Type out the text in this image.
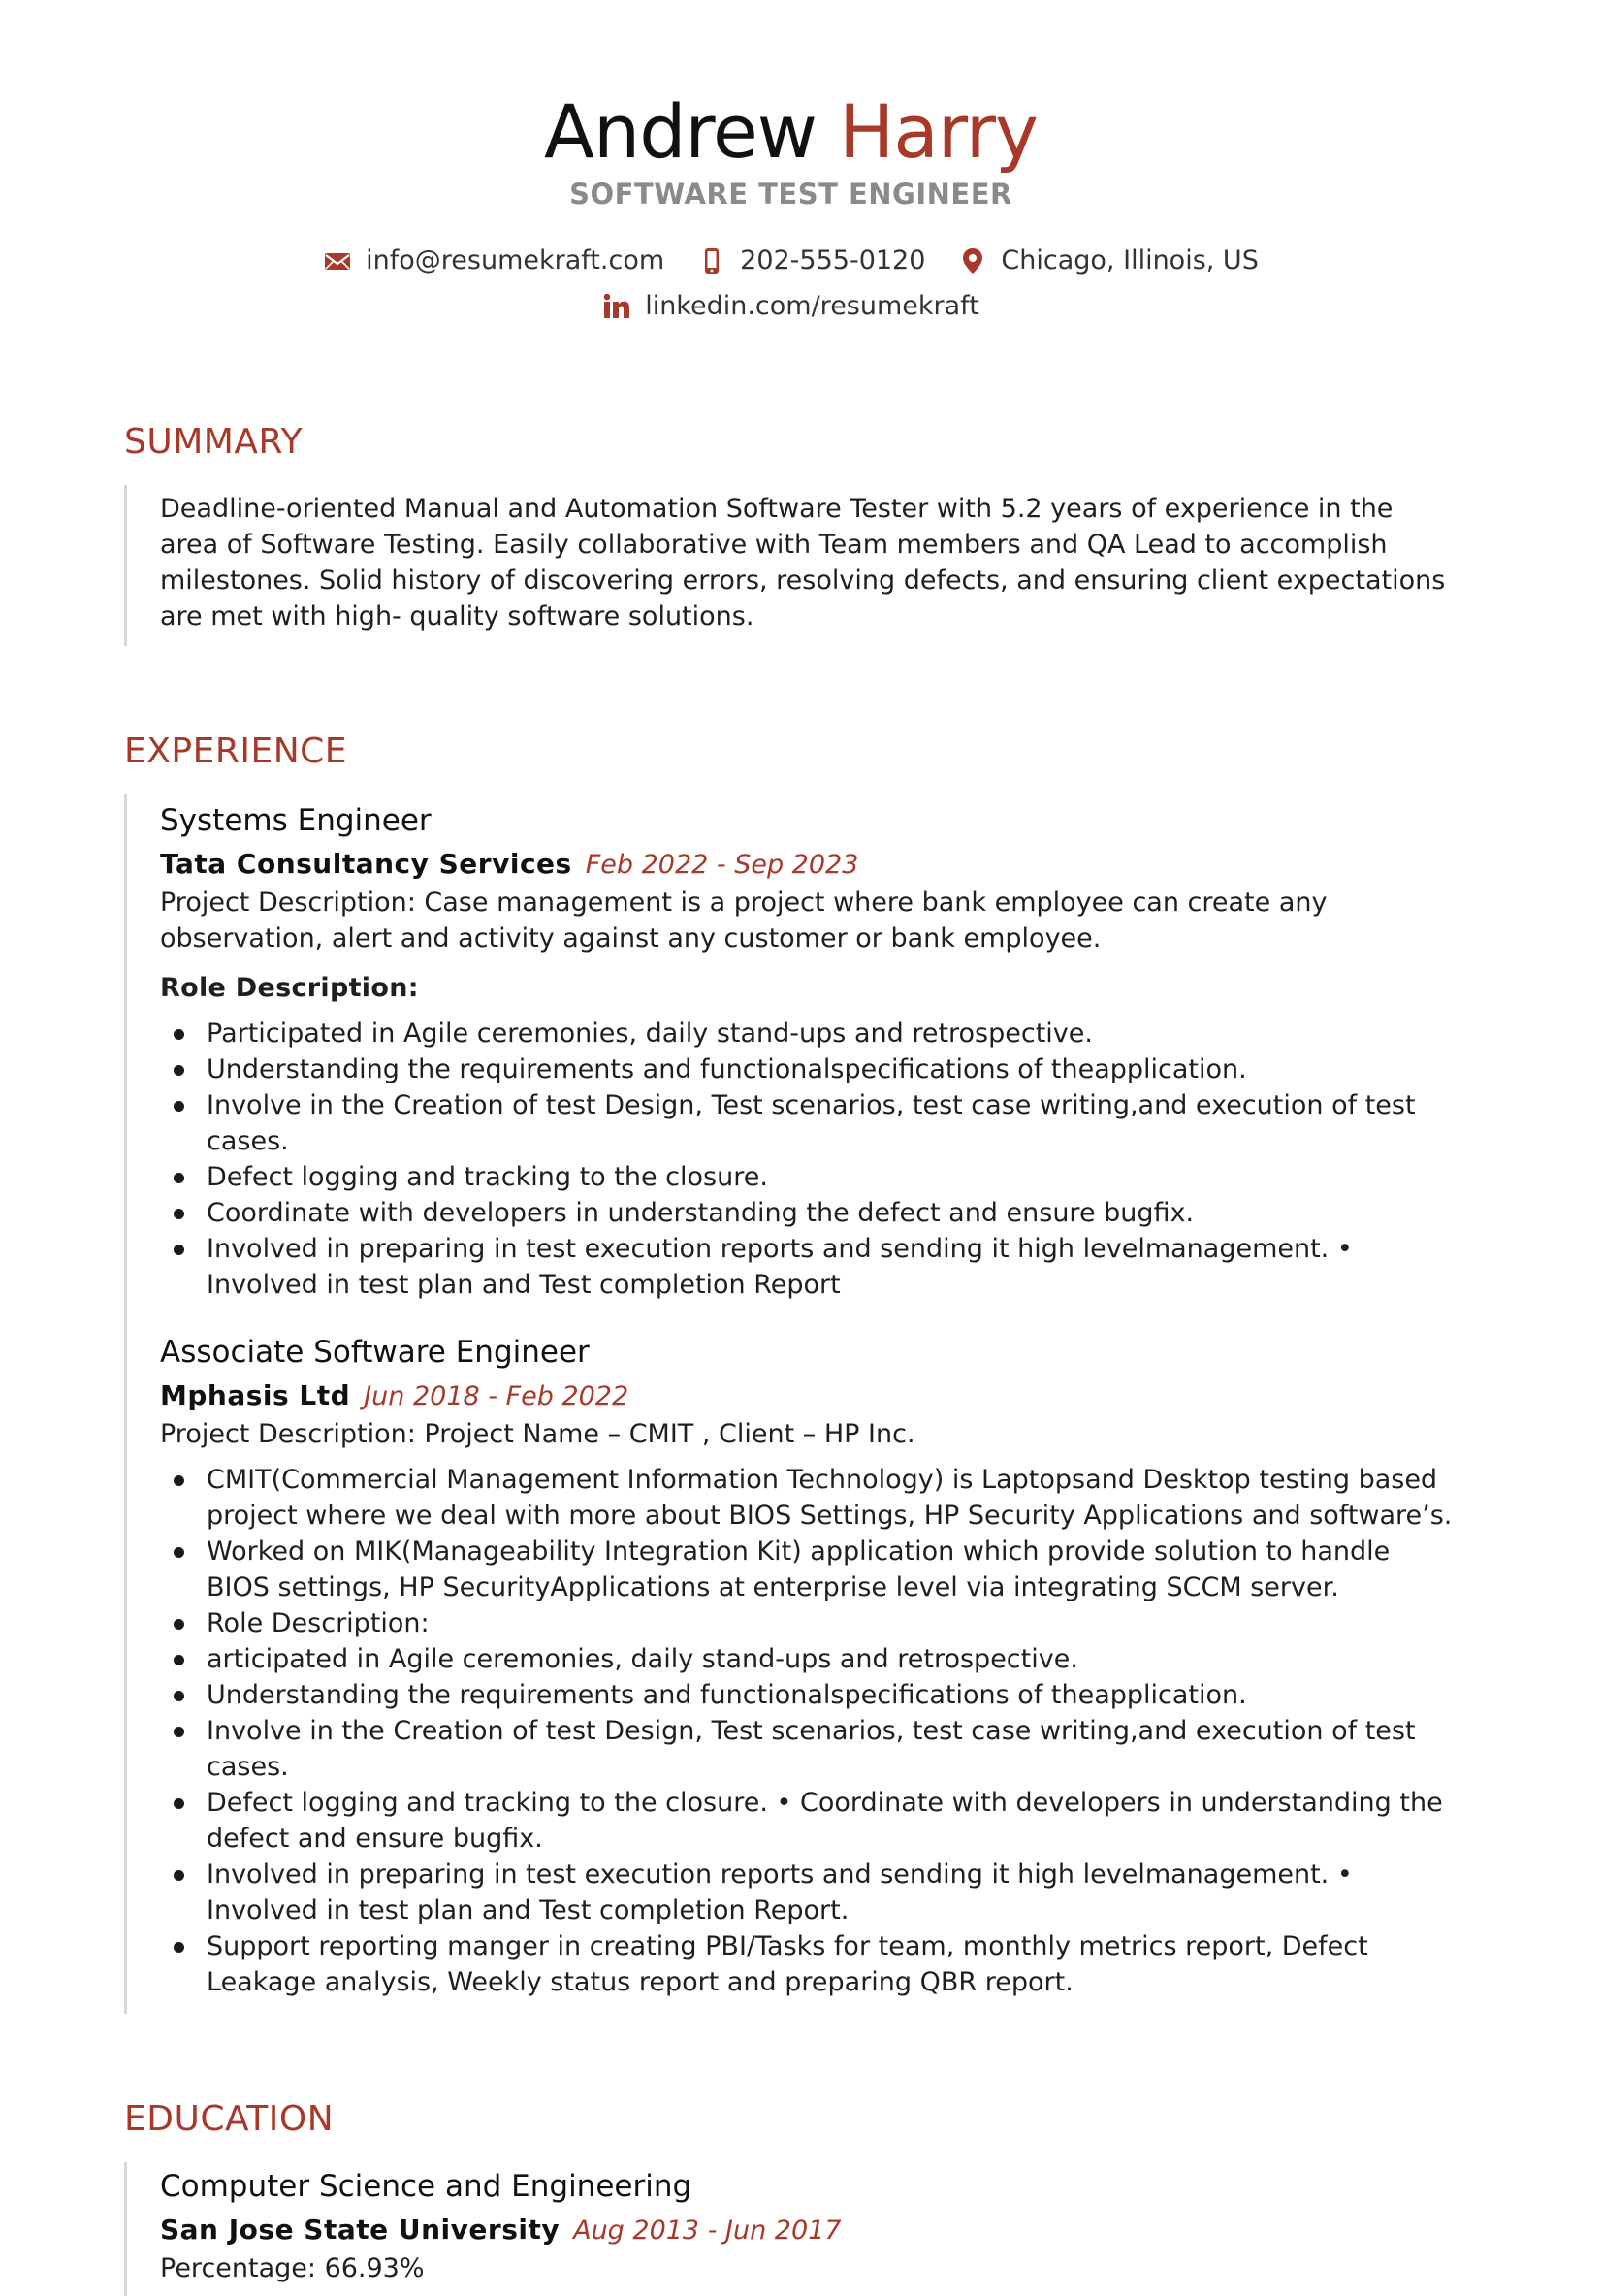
Andrew Harry
SOFTWARE TEST ENGINEER
info@resumekraft.com	202-555-0120	Chicago, Illinois, US
linkedin.com/resumekraft
SUMMARY

Deadline-oriented Manual and Automation Software Tester with 5.2 years of experience in the area of Software Testing. Easily collaborative with Team members and QA Lead to accomplish milestones. Solid history of discovering errors, resolving defects, and ensuring client expectations are met with high- quality software solutions.

EXPERIENCE
Systems Engineer
Tata Consultancy Services Feb 2022 - Sep 2023

Project Description: Case management is a project where bank employee can create any observation, alert and activity against any customer or bank employee.

Role Description:
Participated in Agile ceremonies, daily stand-ups and retrospective.
Understanding the requirements and functionalspecifications of theapplication.
Involve in the Creation of test Design, Test scenarios, test case writing,and execution of test cases.
Defect logging and tracking to the closure.
Coordinate with developers in understanding the defect and ensure bugfix.
Involved in preparing in test execution reports and sending it high levelmanagement. • Involved in test plan and Test completion Report
Associate Software Engineer
Mphasis Ltd Jun 2018 - Feb 2022

Project Description: Project Name – CMIT , Client – HP Inc.

CMIT(Commercial Management Information Technology) is Laptopsand Desktop testing based project where we deal with more about BIOS Settings, HP Security Applications and software’s.
Worked on MIK(Manageability Integration Kit) application which provide solution to handle BIOS settings, HP SecurityApplications at enterprise level via integrating SCCM server.
Role Description:
articipated in Agile ceremonies, daily stand-ups and retrospective.
Understanding the requirements and functionalspecifications of theapplication.
Involve in the Creation of test Design, Test scenarios, test case writing,and execution of test cases.
Defect logging and tracking to the closure. • Coordinate with developers in understanding the defect and ensure bugfix.
Involved in preparing in test execution reports and sending it high levelmanagement. • Involved in test plan and Test completion Report.
Support reporting manger in creating PBI/Tasks for team, monthly metrics report, Defect Leakage analysis, Weekly status report and preparing QBR report.
EDUCATION
Computer Science and Engineering
San Jose State University Aug 2013 - Jun 2017
Percentage: 66.93%
